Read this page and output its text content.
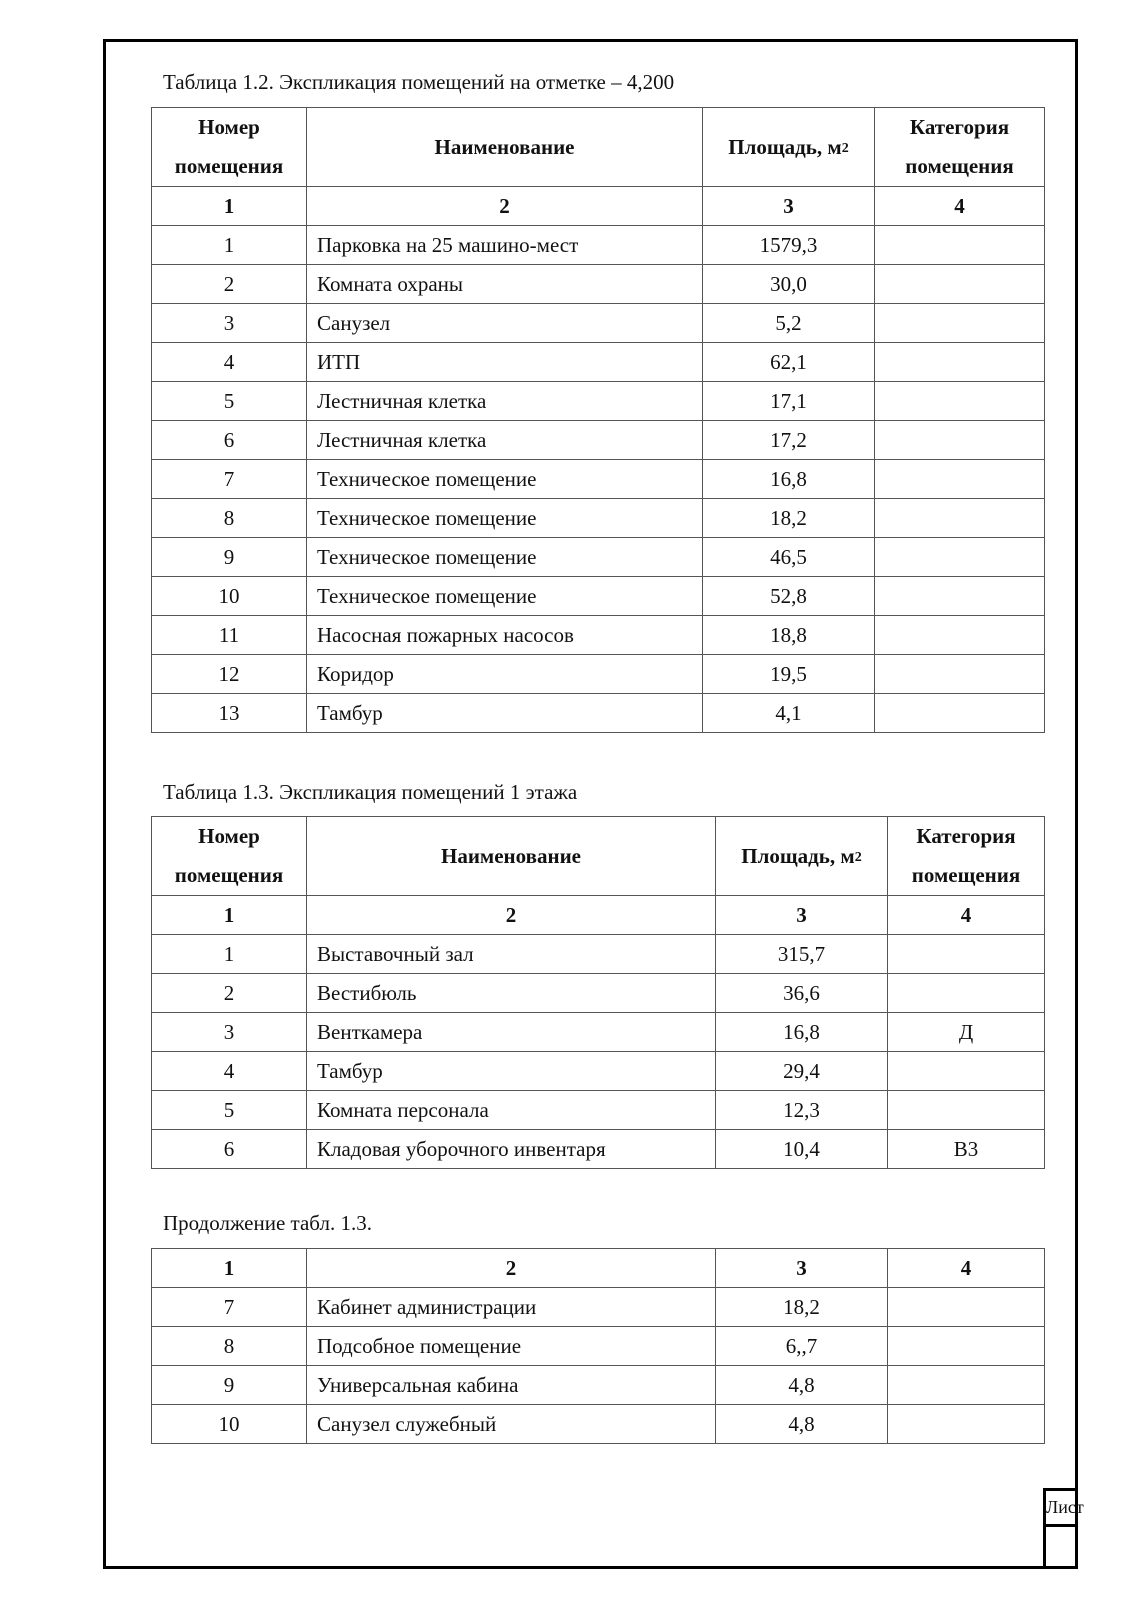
Таблица 1.2. Экспликация помещений на отметке – 4,200
Номер помещения	Наименование	Площадь, $м^2$	Категория помещения
1	2	3	4
1	Парковка на 25 машино-мест	1579,3	
2	Комната охраны	30,0	
3	Санузел	5,2	
4	ИТП	62,1	
5	Лестничная клетка	17,1	
6	Лестничная клетка	17,2	
7	Техническое помещение	16,8	
8	Техническое помещение	18,2	
9	Техническое помещение	46,5	
10	Техническое помещение	52,8	
11	Насосная пожарных насосов	18,8	
12	Коридор	19,5	
13	Тамбур	4,1	
Таблица 1.3. Экспликация помещений 1 этажа
Номер помещения	Наименование	Площадь, $м^2$	Категория помещения
1	2	3	4
1	Выставочный зал	315,7	
2	Вестибюль	36,6	
3	Венткамера	16,8	Д
4	Тамбур	29,4	
5	Комната персонала	12,3	
6	Кладовая уборочного инвентаря	10,4	В3
Продолжение табл. 1.3.
1	2	3	4
7	Кабинет администрации	18,2	
8	Подсобное помещение	6,,7	
9	Универсальная кабина	4,8	
10	Санузел служебный	4,8	
Лист
